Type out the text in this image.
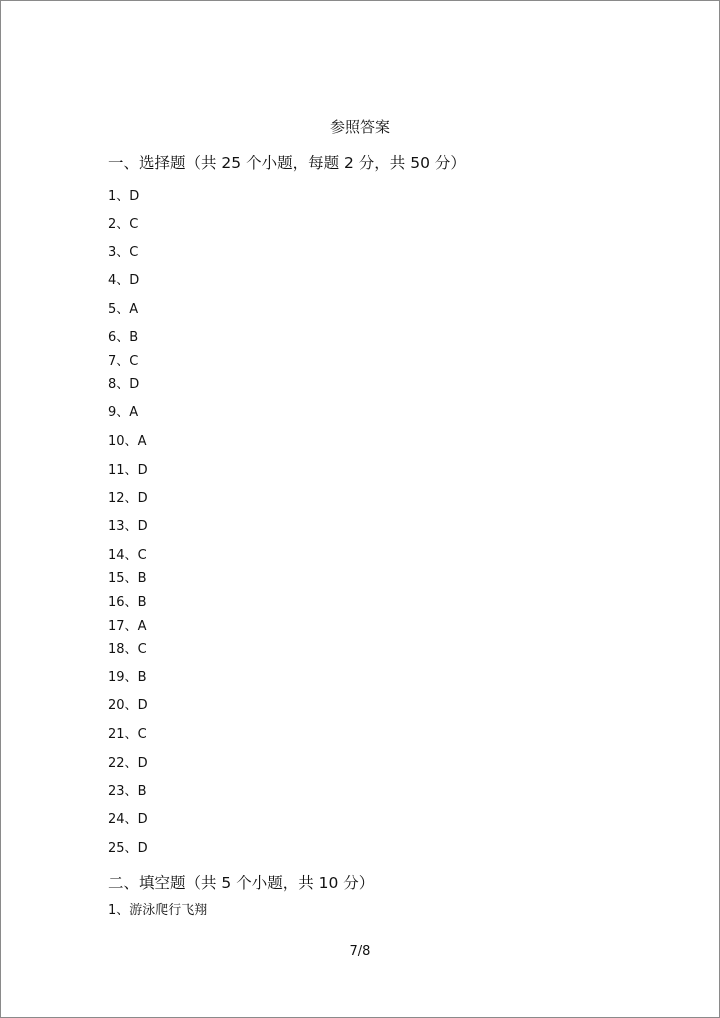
参照答案
一、选择题（共 25 个小题，每题 2 分，共 50 分）
1、D
2、C
3、C
4、D
5、A
6、B
7、C
8、D
9、A
10、A
11、D
12、D
13、D
14、C
15、B
16、B
17、A
18、C
19、B
20、D
21、C
22、D
23、B
24、D
25、D
二、填空题（共 5 个小题，共 10 分）
1、游泳爬行飞翔
7/8
